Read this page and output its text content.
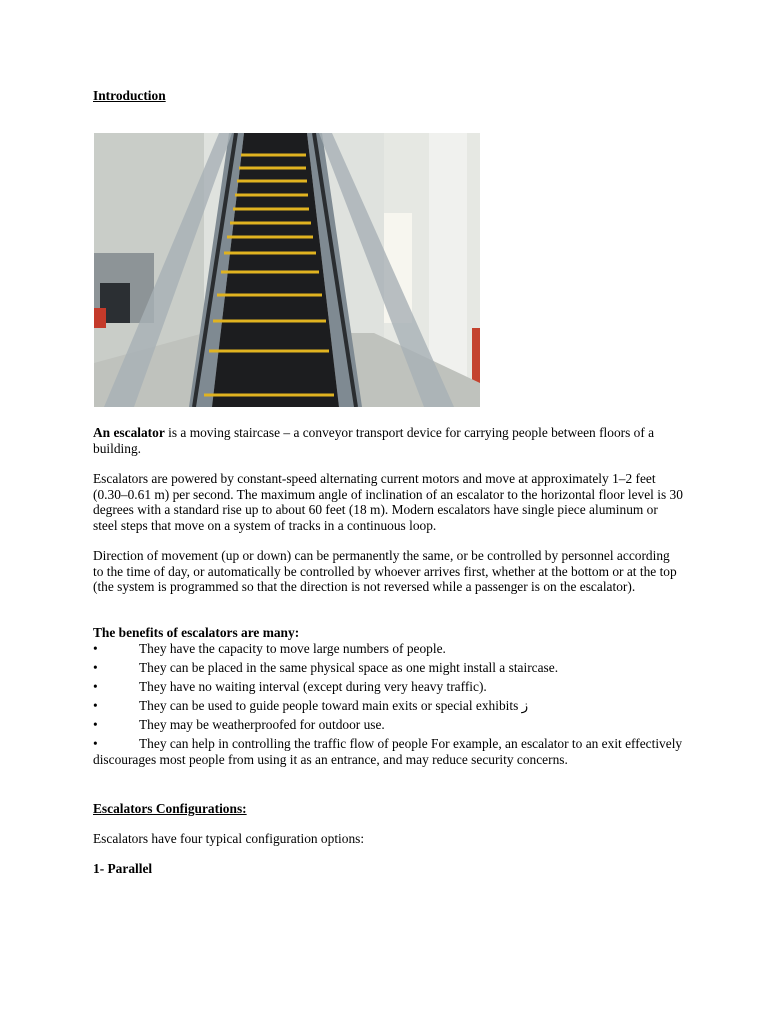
Introduction

An escalator is a moving staircase – a conveyor transport device for carrying people between floors of a building.

Escalators are powered by constant-speed alternating current motors and move at approximately 1–2 feet (0.30–0.61 m) per second. The maximum angle of inclination of an escalator to the horizontal floor level is 30 degrees with a standard rise up to about 60 feet (18 m). Modern escalators have single piece aluminum or steel steps that move on a system of tracks in a continuous loop.

Direction of movement (up or down) can be permanently the same, or be controlled by personnel according to the time of day, or automatically be controlled by whoever arrives first, whether at the bottom or at the top (the system is programmed so that the direction is not reversed while a passenger is on the escalator).

The benefits of escalators are many:
•	They have the capacity to move large numbers of people.
•	They can be placed in the same physical space as one might install a staircase.
•	They have no waiting interval (except during very heavy traffic).
•	They can be used to guide people toward main exits or special exhibits ز
•	They may be weatherproofed for outdoor use.
•	They can help in controlling the traffic flow of people For example, an escalator to an exit effectively discourages most people from using it as an entrance, and may reduce security concerns.
Escalators Configurations:
Escalators have four typical configuration options:
1- Parallel
